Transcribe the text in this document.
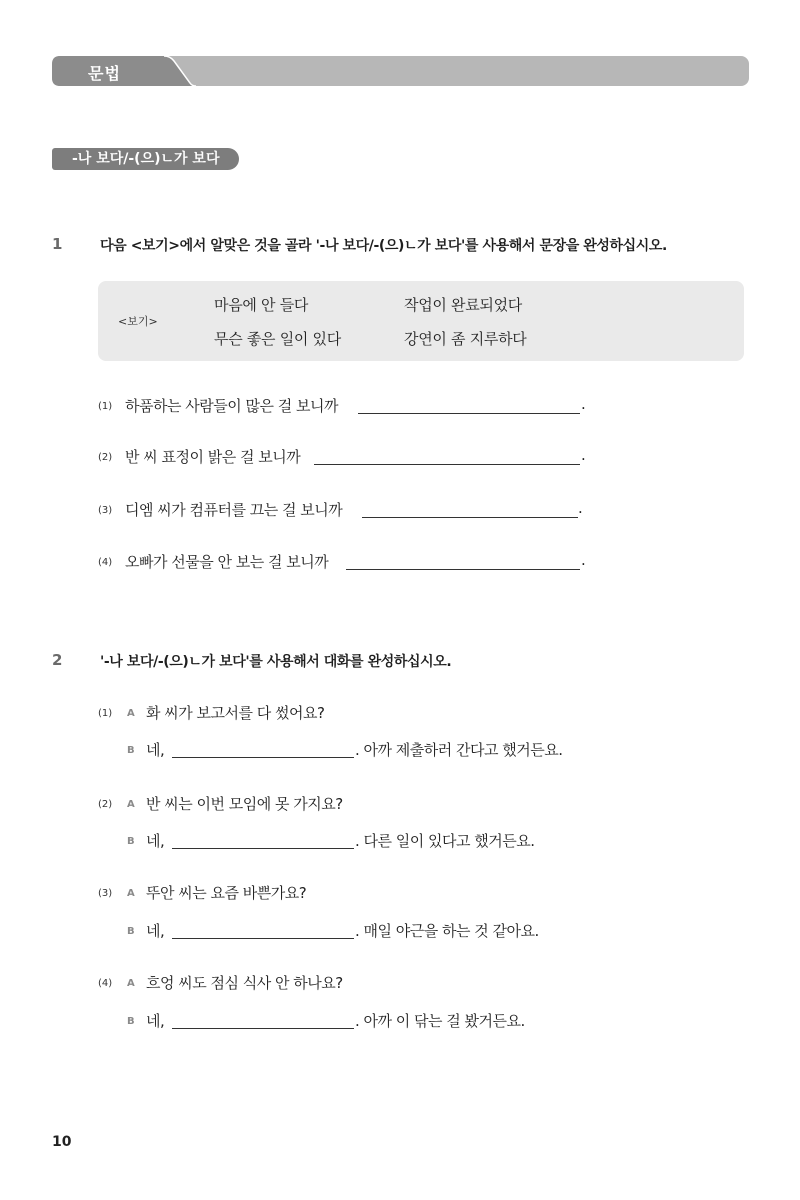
문법
-나 보다/-(으)ㄴ가 보다
1	다음 <보기>에서 알맞은 것을 골라 '-나 보다/-(으)ㄴ가 보다'를 사용해서 문장을 완성하십시오.
<보기>
마음에 안 들다	작업이 완료되었다
무슨 좋은 일이 있다	강연이 좀 지루하다
(1) 하품하는 사람들이 많은 걸 보니까	.
(2) 반 씨 표정이 밝은 걸 보니까	.
(3) 디엠 씨가 컴퓨터를 끄는 걸 보니까	.
(4) 오빠가 선물을 안 보는 걸 보니까	.
2	'-나 보다/-(으)ㄴ가 보다'를 사용해서 대화를 완성하십시오.
(1) A 화 씨가 보고서를 다 썼어요?
B 네,	. 아까 제출하러 간다고 했거든요.
(2) A 반 씨는 이번 모임에 못 가지요?
B 네,	. 다른 일이 있다고 했거든요.
(3) A 뚜안 씨는 요즘 바쁜가요?
B 네,	. 매일 야근을 하는 것 같아요.
(4) A 흐엉 씨도 점심 식사 안 하나요?
B 네,	. 아까 이 닦는 걸 봤거든요.
10
